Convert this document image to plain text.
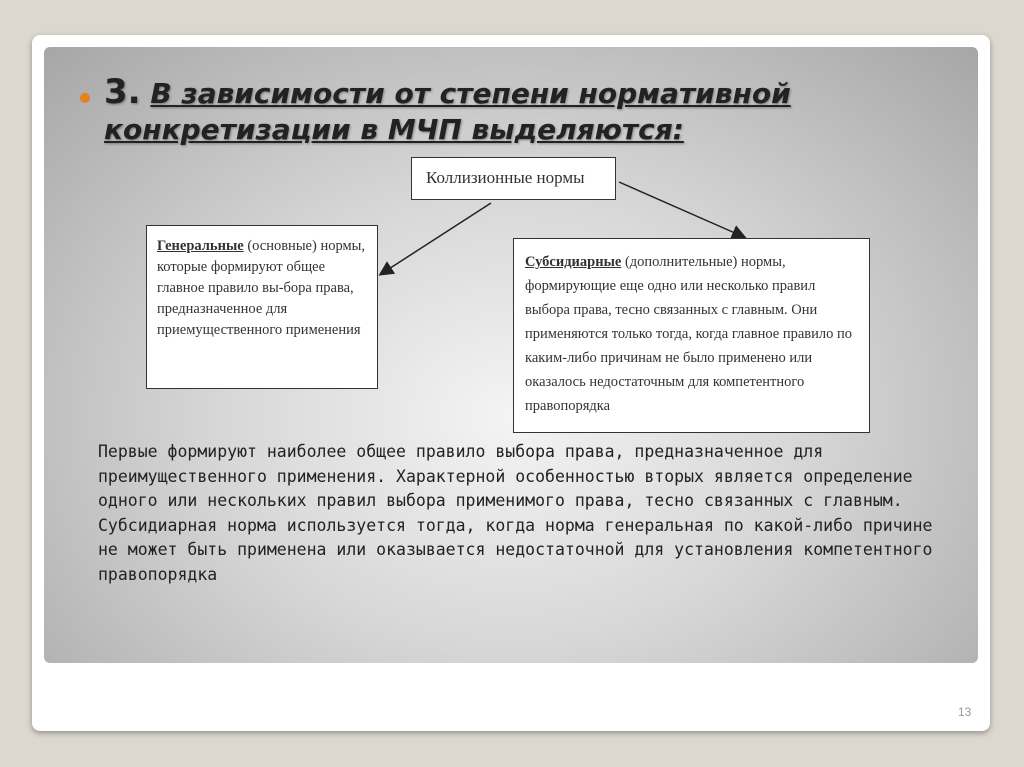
3. В зависимости от степени нормативной конкретизации в МЧП выделяются:
Коллизионные нормы
Генеральные (основные) нормы, которые формируют общее главное правило вы-бора права, предназначенное для приемущественного применения
Субсидиарные (дополнительные) нормы, формирующие еще одно или несколько правил выбора права, тесно связанных с главным. Они применяются только тогда, когда главное правило по каким-либо причинам не было применено или оказалось недостаточным для компетентного правопорядка
Первые формируют наиболее общее правило выбора права, предназначенное для преимущественного применения. Характерной особенностью вторых является определение одного или нескольких правил выбора применимого права, тесно связанных с главным. Субсидиарная норма используется тогда, когда норма генеральная по какой-либо причине не может быть применена или оказывается недостаточной для установления компетентного правопорядка
13
